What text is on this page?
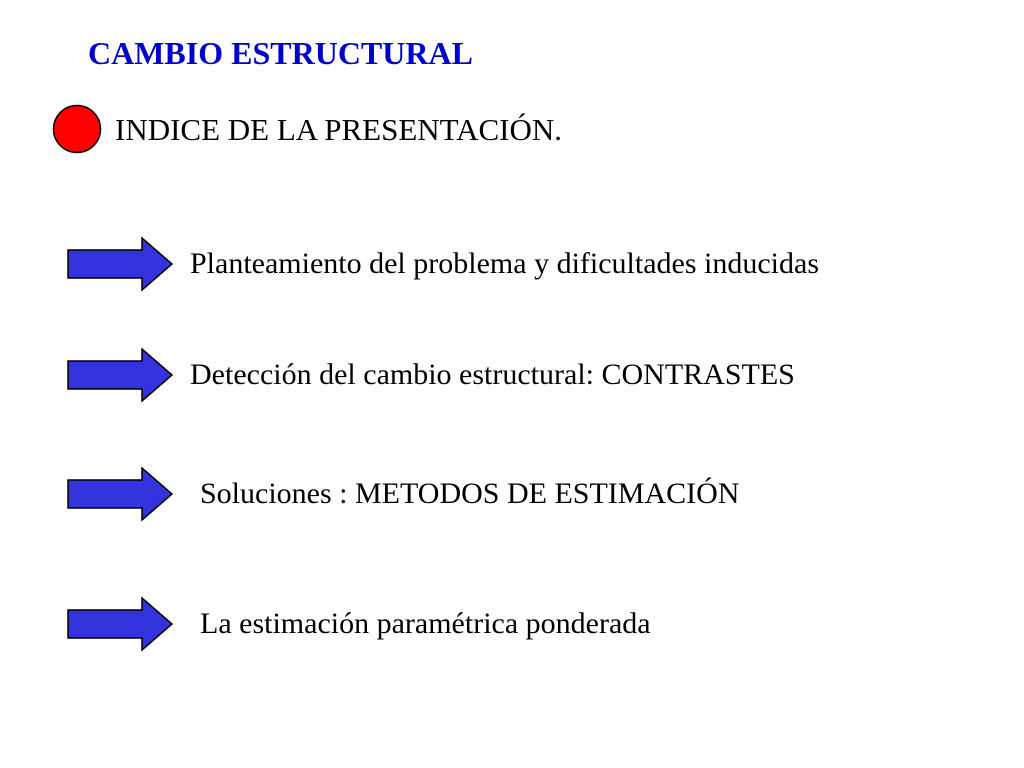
CAMBIO ESTRUCTURAL
INDICE DE LA PRESENTACIÓN.
Planteamiento del problema y dificultades inducidas
Detección del cambio estructural: CONTRASTES
Soluciones : METODOS DE ESTIMACIÓN
La estimación paramétrica ponderada
